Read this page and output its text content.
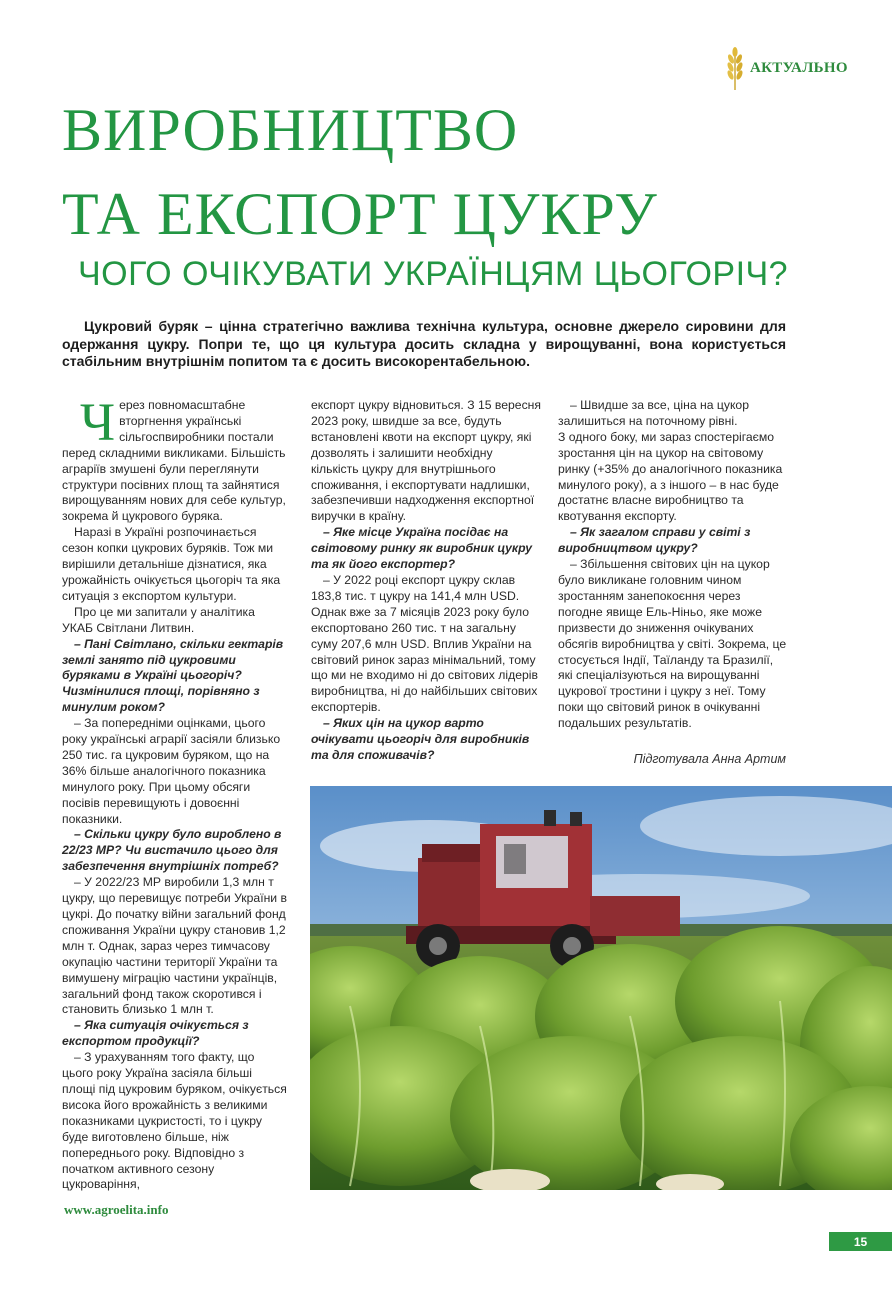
АКТУАЛЬНО
ВИРОБНИЦТВО
ТА ЕКСПОРТ ЦУКРУ
ЧОГО ОЧІКУВАТИ УКРАЇНЦЯМ ЦЬОГОРІЧ?

Цукровий буряк – цінна стратегічно важлива технічна культура, основне джерело сировини для одержання цукру. Попри те, що ця культура досить складна у вирощуванні, вона користується стабільним внутрішнім попитом та є досить високорентабельною.

Ч ерез повномасштабне вторгнення українські сільгоспвиробники постали перед складними викликами. Більшість аграріїв змушені були переглянути структури посівних площ та зайнятися вирощуванням нових для себе культур, зокрема й цукрового буряка.

Наразі в Україні розпочинається сезон копки цукрових буряків. Тож ми вирішили детальніше дізнатися, яка урожайність очікується цьогоріч та яка ситуація з експортом культури.

Про це ми запитали у аналітика УКАБ Світлани Литвин.

– Пані Світлано, скільки гектарів землі занято під цукровими буряками в Україні цьогоріч? Чизмінилися площі, порівняно з минулим роком?

– За попередніми оцінками, цього року українські аграрії засіяли близько 250 тис. га цукровим буряком, що на 36% більше аналогічного показника минулого року. При цьому обсяги посівів перевищують і довоєнні показники.

– Скільки цукру було вироблено в 22/23 МР? Чи вистачило цього для забезпечення внутрішніх потреб?

– У 2022/23 МР виробили 1,3 млн т цукру, що перевищує потреби України в цукрі. До початку війни загальний фонд споживання України цукру становив 1,2 млн т. Однак, зараз через тимчасову окупацію частини території України та вимушену міграцію частини українців, загальний фонд також скоротився і становить близько 1 млн т.

– Яка ситуація очікується з експортом продукції?

– З урахуванням того факту, що цього року Україна засіяла більші площі під цукровим буряком, очікується висока його врожайність з великими показниками цукристості, то і цукру буде виготовлено більше, ніж попереднього року. Відповідно з початком активного сезону цукроваріння,

експорт цукру відновиться. З 15 вересня 2023 року, швидше за все, будуть встановлені квоти на експорт цукру, які дозволять і залишити необхідну кількість цукру для внутрішнього споживання, і експортувати надлишки, забезпечивши надходження експортної виручки в країну.

– Яке місце Україна посідає на світовому ринку як виробник цукру та як його експортер?

– У 2022 році експорт цукру склав 183,8 тис. т цукру на 141,4 млн USD. Однак вже за 7 місяців 2023 року було експортовано 260 тис. т на загальну суму 207,6 млн USD. Вплив України на світовий ринок зараз мінімальний, тому що ми не входимо ні до світових лідерів виробництва, ні до найбільших світових експортерів.

– Яких цін на цукор варто очікувати цьогоріч для виробників та для споживачів?

– Швидше за все, ціна на цукор залишиться на поточному рівні.

З одного боку, ми зараз спостерігаємо зростання цін на цукор на світовому ринку (+35% до аналогічного показника минулого року), а з іншого – в нас буде достатнє власне виробництво та квотування експорту.

– Як загалом справи у світі з виробництвом цукру?

– Збільшення світових цін на цукор було викликане головним чином зростанням занепокоєння через погодне явище Ель-Ніньо, яке може призвести до зниження очікуваних обсягів виробництва у світі. Зокрема, це стосується Індії, Таїланду та Бразилії, які спеціалізуються на вирощуванні цукрової тростини і цукру з неї. Тому поки що світовий ринок в очікуванні подальших результатів.

Підготувала Анна Артим
www.agroelita.info
15
